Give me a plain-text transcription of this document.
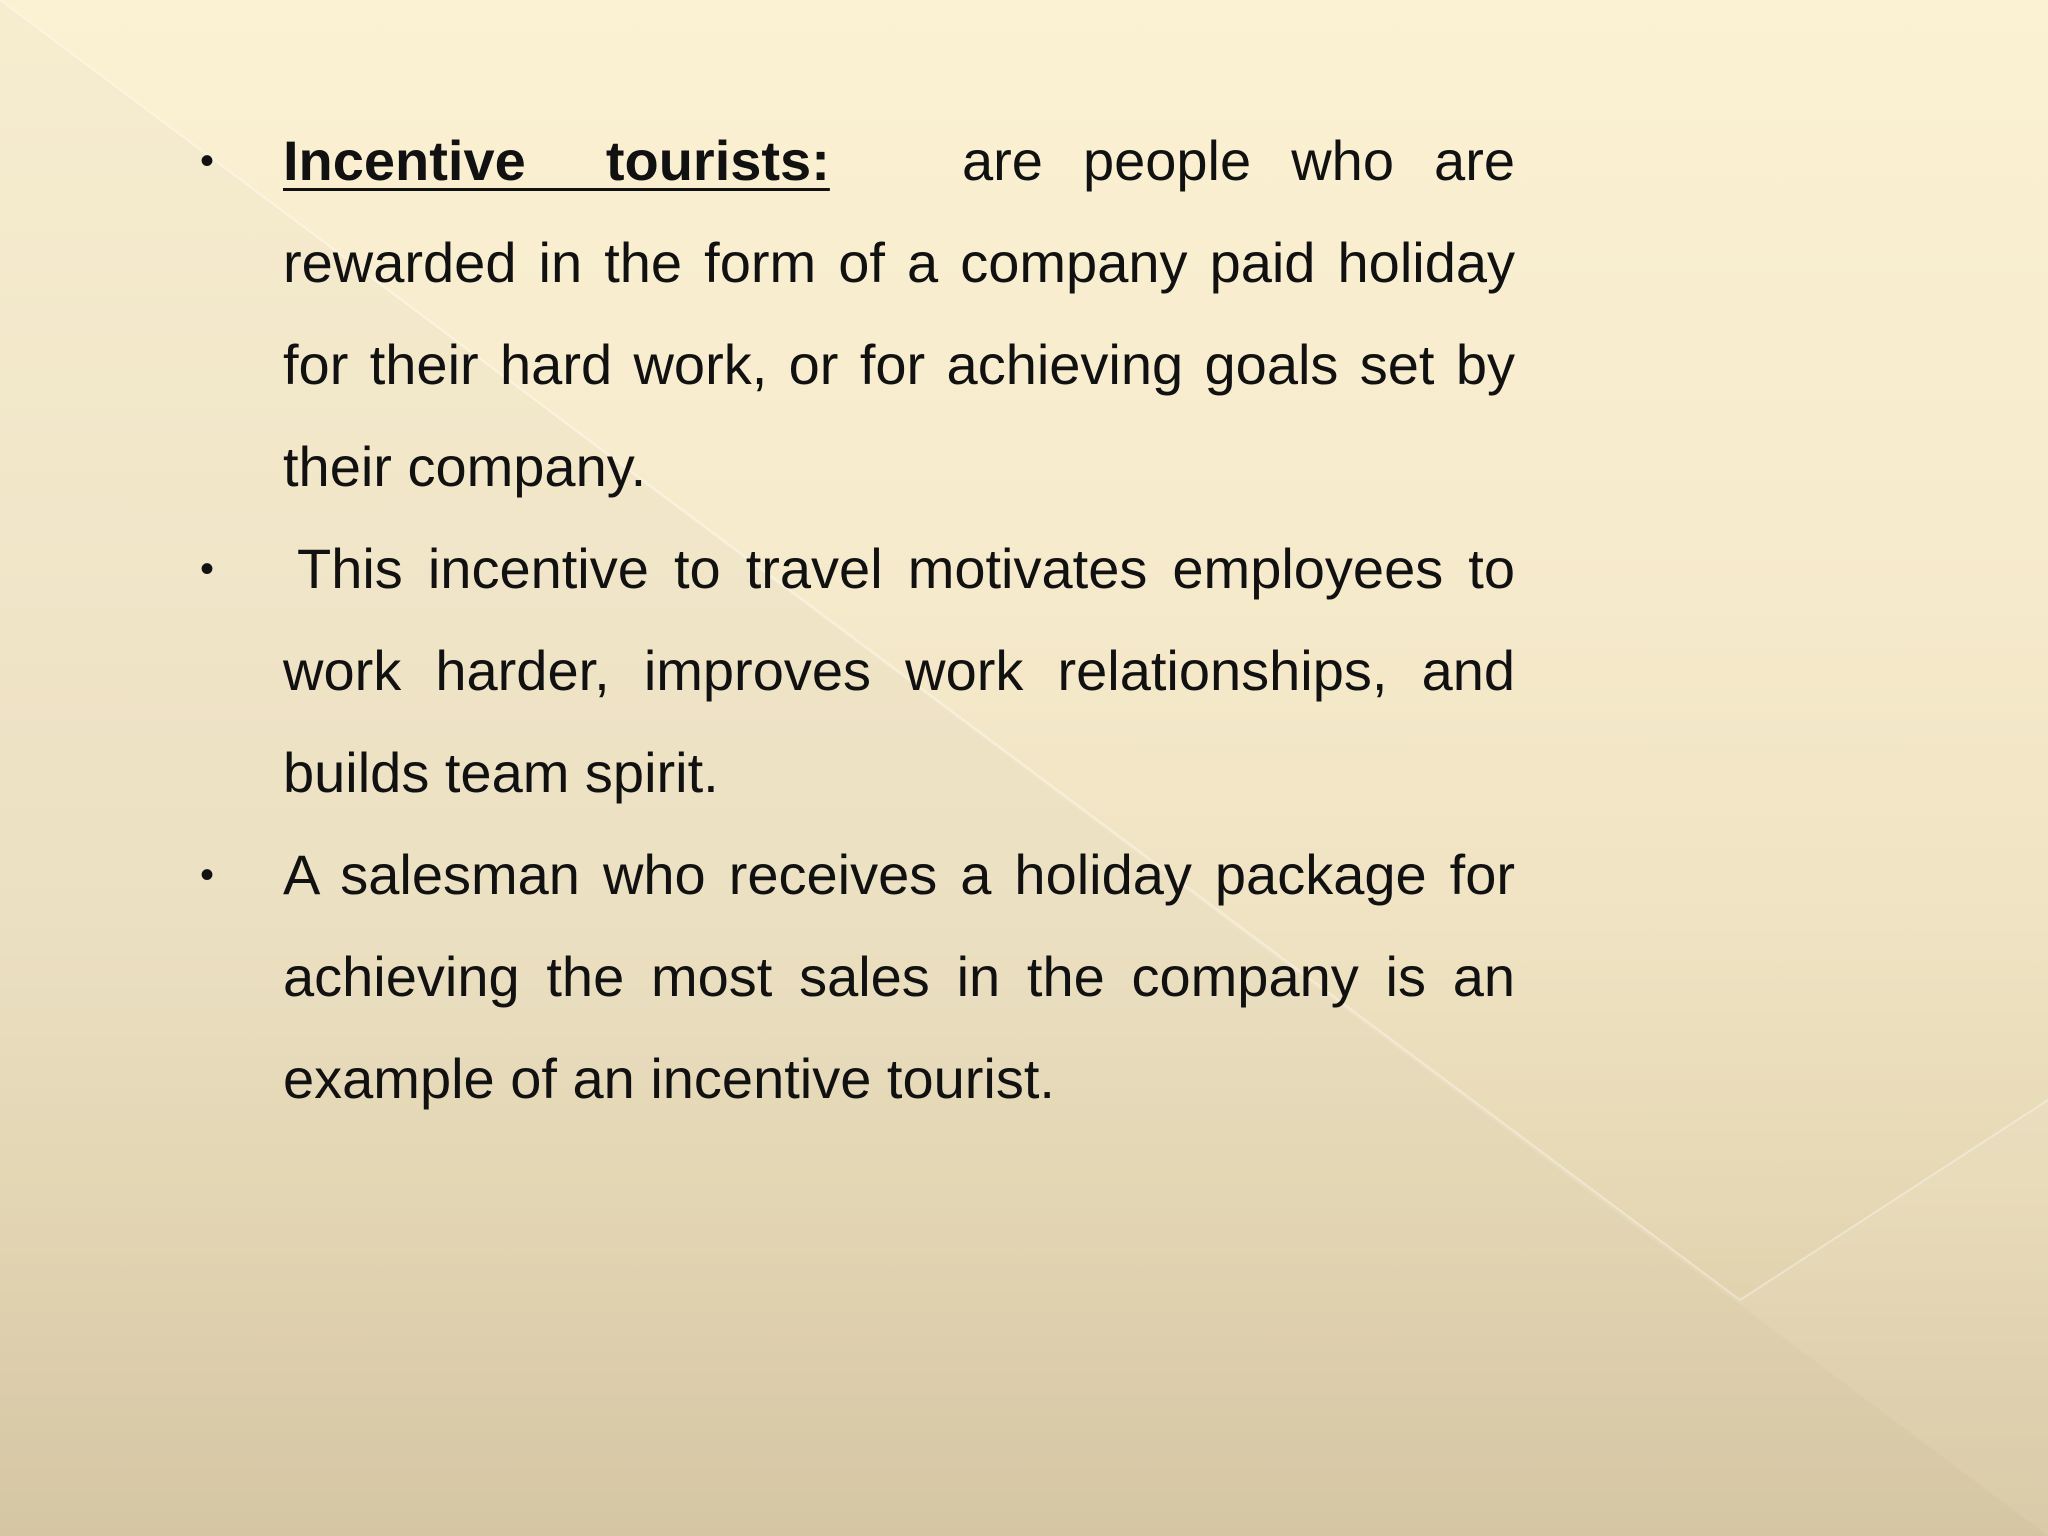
•	Incentive tourists: are people who are rewarded in the form of a company paid holiday for their hard work, or for achieving goals set by their company.
•	This incentive to travel motivates employees to work harder, improves work relationships, and builds team spirit.
•	A salesman who receives a holiday package for achieving the most sales in the company is an example of an incentive tourist.
